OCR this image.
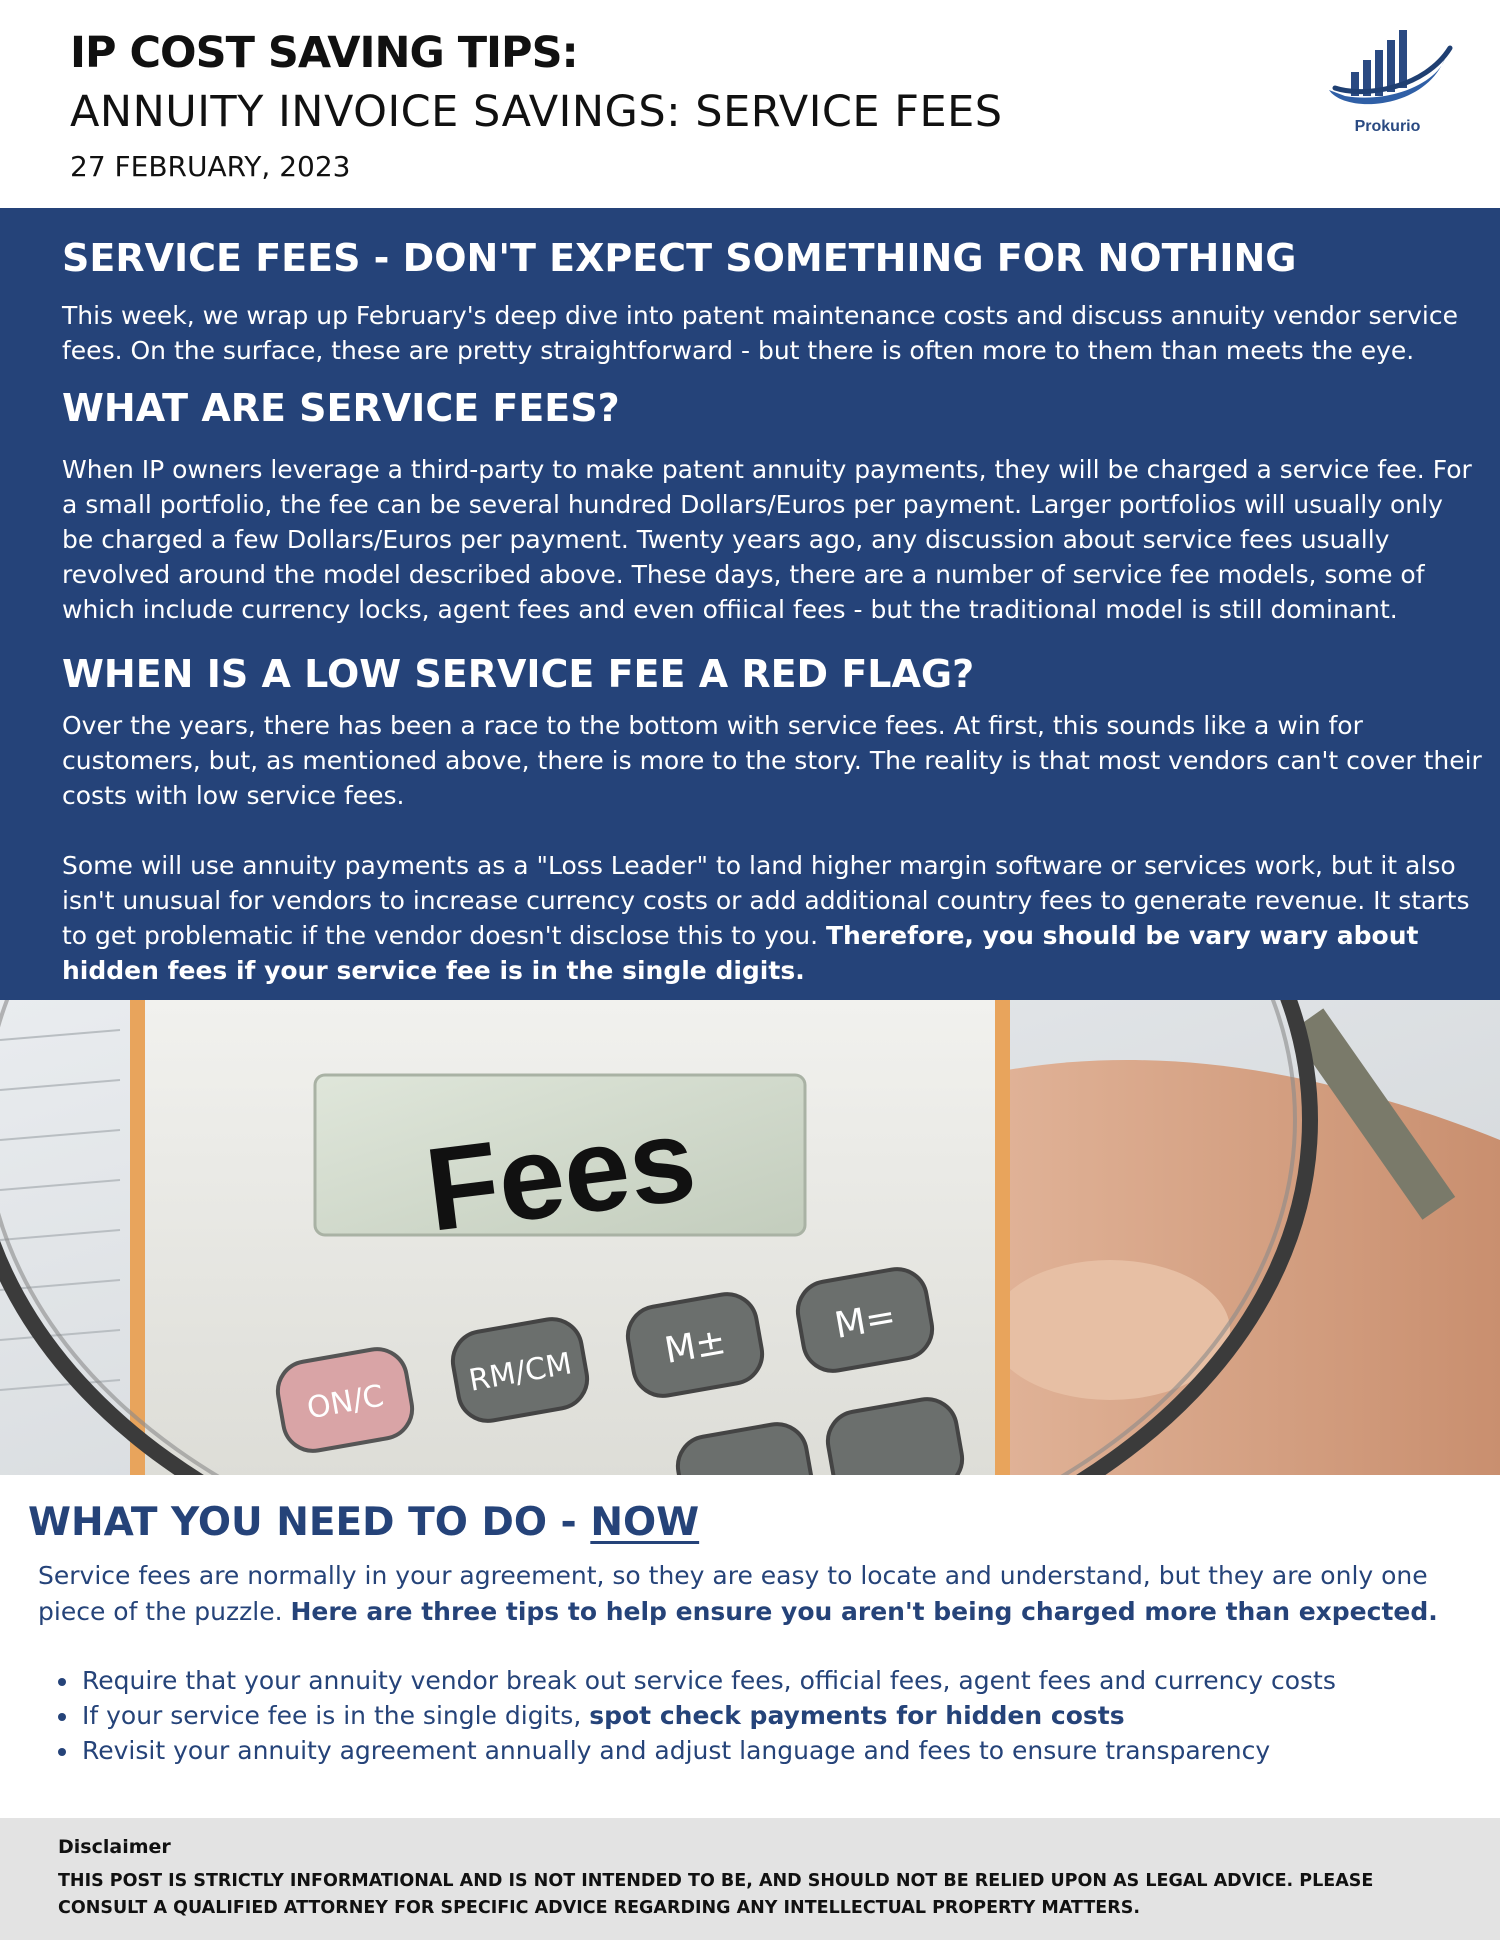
IP COST SAVING TIPS:
ANNUITY INVOICE SAVINGS: SERVICE FEES
27 FEBRUARY, 2023
Prokurio
SERVICE FEES - DON'T EXPECT SOMETHING FOR NOTHING
This week, we wrap up February's deep dive into patent maintenance costs and discuss annuity vendor service fees. On the surface, these are pretty straightforward - but there is often more to them than meets the eye.
WHAT ARE SERVICE FEES?
When IP owners leverage a third-party to make patent annuity payments, they will be charged a service fee. For a small portfolio, the fee can be several hundred Dollars/Euros per payment. Larger portfolios will usually only be charged a few Dollars/Euros per payment. Twenty years ago, any discussion about service fees usually revolved around the model described above. These days, there are a number of service fee models, some of which include currency locks, agent fees and even offiical fees - but the traditional model is still dominant.
WHEN IS A LOW SERVICE FEE A RED FLAG?
Over the years, there has been a race to the bottom with service fees. At first, this sounds like a win for customers, but, as mentioned above, there is more to the story. The reality is that most vendors can't cover their costs with low service fees.
Some will use annuity payments as a "Loss Leader" to land higher margin software or services work, but it also isn't unusual for vendors to increase currency costs or add additional country fees to generate revenue. It starts to get problematic if the vendor doesn't disclose this to you. Therefore, you should be vary wary about hidden fees if your service fee is in the single digits.
Fees
ON/C
RM/CM M±	M=
WHAT YOU NEED TO DO - NOW
Service fees are normally in your agreement, so they are easy to locate and understand, but they are only one piece of the puzzle. Here are three tips to help ensure you aren't being charged more than expected.
Require that your annuity vendor break out service fees, official fees, agent fees and currency costs
If your service fee is in the single digits, spot check payments for hidden costs
Revisit your annuity agreement annually and adjust language and fees to ensure transparency
Disclaimer
THIS POST IS STRICTLY INFORMATIONAL AND IS NOT INTENDED TO BE, AND SHOULD NOT BE RELIED UPON AS LEGAL ADVICE. PLEASE CONSULT A QUALIFIED ATTORNEY FOR SPECIFIC ADVICE REGARDING ANY INTELLECTUAL PROPERTY MATTERS.
